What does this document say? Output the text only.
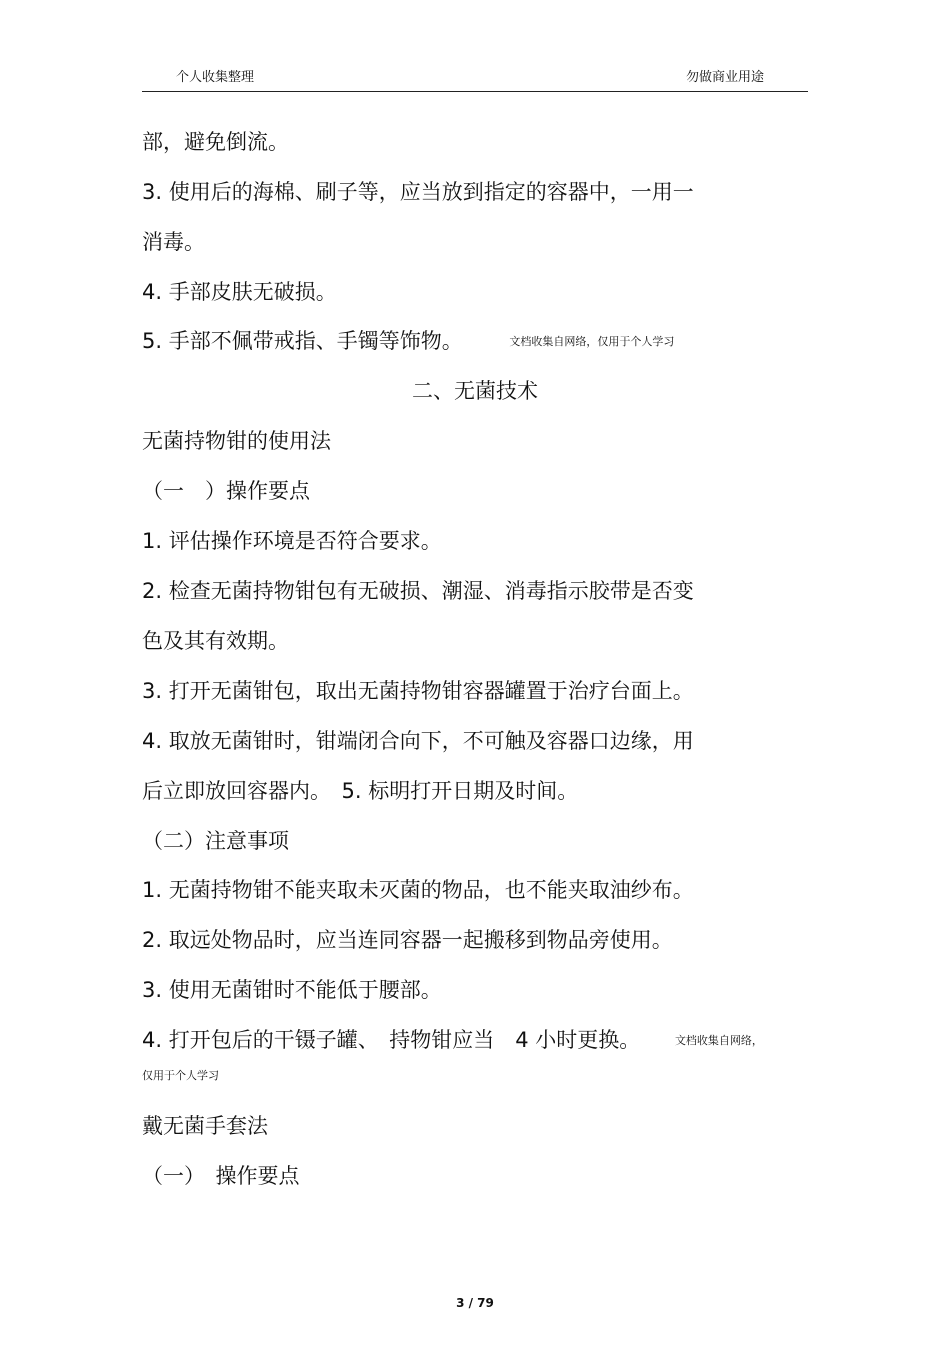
个人收集整理	勿做商业用途
部，避免倒流。
3. 使用后的海棉、刷子等，应当放到指定的容器中，一用一
消毒。
4. 手部皮肤无破损。
5. 手部不佩带戒指、手镯等饰物。	文档收集自网络，仅用于个人学习
二、无菌技术
无菌持物钳的使用法
（一　）操作要点
1. 评估操作环境是否符合要求。
2. 检查无菌持物钳包有无破损、潮湿、消毒指示胶带是否变
色及其有效期。
3. 打开无菌钳包，取出无菌持物钳容器罐置于治疗台面上。
4. 取放无菌钳时，钳端闭合向下，不可触及容器口边缘，用
后立即放回容器内。　5. 标明打开日期及时间。
（二）注意事项
1. 无菌持物钳不能夹取未灭菌的物品，也不能夹取油纱布。
2. 取远处物品时，应当连同容器一起搬移到物品旁使用。
3. 使用无菌钳时不能低于腰部。
4. 打开包后的干镊子罐、　持物钳应当　4 小时更换。	文档收集自网络，
仅用于个人学习
戴无菌手套法
（一）　操作要点
3 / 79
